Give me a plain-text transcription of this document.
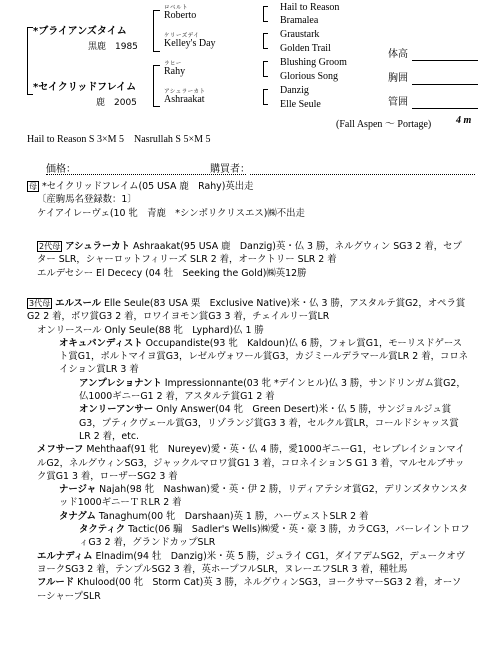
*ブライアンズタイム
黒鹿　1985
*セイクリッドフレイム
鹿　2005
ロベルト
Roberto
ケリーズデイ
Kelley's Day
ラヒー
Rahy
アシュラーカト
Ashraakat
Hail to Reason
Bramalea
Graustark
Golden Trail
Blushing Groom
Glorious Song
Danzig
Elle Seule
体高
胸囲
管囲
(Fall Aspen ～ Portage) 4 m
Hail to Reason S 3×M 5　Nasrullah S 5×M 5
価格：	購買者：

母 *セイクリッドフレイム(05 USA 鹿　Rahy)英出走

〔産駒馬名登録数：1〕

ケイアイレーヴェ(10 牝　青鹿　*シンボリクリスエス)㈱不出走

2代母 アシュラーカト Ashraakat(95 USA 鹿　Danzig)英・仏 3 勝，ネルグウィン SG3 2 着，セプター SLR，シャーロットフィリーズ SLR 2 着，オークトリー SLR 2 着

エルデセシー El Dececy (04 牡　Seeking the Gold)㈱英12勝

3代母 エルスール Elle Seule(83 USA 栗　Exclusive Native)米・仏 3 勝，アスタルテ賞G2，オペラ賞G2 2 着，ボワ賞G3 2 着，ロワイヨモン賞G3 3 着，チェイルリー賞LR

オンリースール Only Seule(88 牝　Lyphard)仏 1 勝

オキュパンディスト Occupandiste(93 牝　Kaldoun)仏 6 勝，フォレ賞G1，モーリスドゲースト賞G1，ポルトマイヨ賞G3，レゼルヴォワール賞G3，カジミールデラマール賞LR 2 着，コロネイション賞LR 3 着

アンプレショナント Impressionnante(03 牝 *デインヒル)仏 3 勝，サンドリンガム賞G2，仏1000ギニーG1 2 着，アスタルテ賞G1 2 着

オンリーアンサー Only Answer(04 牝　Green Desert)米・仏 5 勝，サンジョルジュ賞G3，プティクヴェール賞G3，リゾランジ賞G3 3 着，セルクル賞LR，コールドシャッス賞LR 2 着，etc.

メフサーフ Mehthaaf(91 牝　Nureyev)愛・英・仏 4 勝，愛1000ギニーG1，セレブレイションマイルG2，ネルグウィンSG3，ジャックルマロワ賞G1 3 着，コロネイションS G1 3 着，マルセルブサック賞G1 3 着，ローザーSG2 3 着

ナージャ Najah(98 牝　Nashwan)愛・英・伊 2 勝，リディアテシオ賞G2，デリンズタウンスタッド1000ギニーＴＲLR 2 着

タナグム Tanaghum(00 牝　Darshaan)英 1 勝，ハーヴェストSLR 2 着

タクティク Tactic(06 騸　Sadler's Wells)㈱愛・英・豪 3 勝，カラCG3，バーレイントロフィG3 2 着，グランドカップSLR

エルナディム Elnadim(94 牡　Danzig)米・英 5 勝，ジュライ CG1，ダイアデムSG2，デュークオヴヨークSG3 2 着，テンプルSG2 3 着，英ホープフルSLR，ヌレーエフSLR 3 着，種牡馬

フルード Khulood(00 牝　Storm Cat)英 3 勝，ネルグウィンSG3，ヨークサマーSG3 2 着，オーソーシャープSLR
